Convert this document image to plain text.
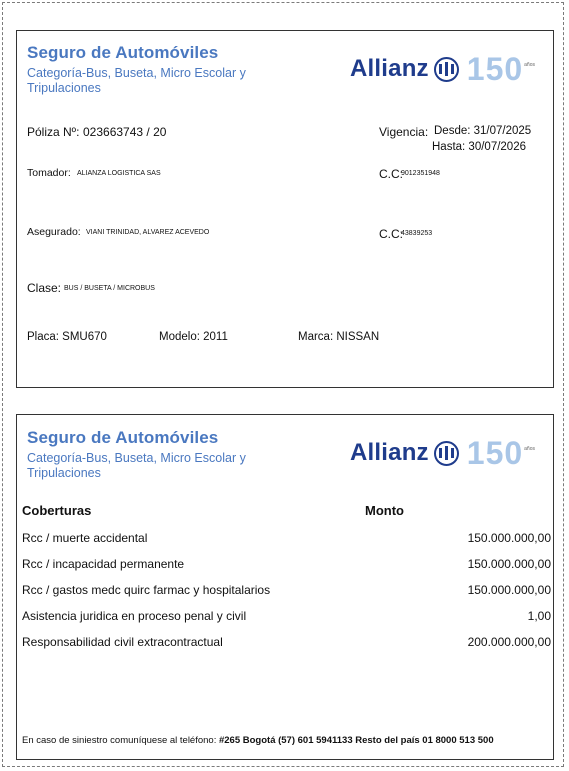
Seguro de Automóviles
Categoría-Bus, Buseta, Micro Escolar y Tripulaciones
Allianz 150 años
Póliza Nº: 023663743 / 20	Vigencia: Desde: 31/07/2025
Hasta: 30/07/2026
Tomador: ALIANZA LOGISTICA SAS	C.C:
9012351948
Asegurado: VIANI TRINIDAD, ALVAREZ ACEVEDO	C.C:
43839253
Clase: BUS / BUSETA / MICROBUS
Placa: SMU670	Modelo: 2011	Marca: NISSAN
Seguro de Automóviles
Categoría-Bus, Buseta, Micro Escolar y Tripulaciones
Allianz 150 años
Coberturas	Monto
Rcc / muerte accidental	150.000.000,00
Rcc / incapacidad permanente	150.000.000,00
Rcc / gastos medc quirc farmac y hospitalarios	150.000.000,00
Asistencia juridica en proceso penal y civil	1,00
Responsabilidad civil extracontractual	200.000.000,00
En caso de siniestro comuníquese al teléfono: #265 Bogotá (57) 601 5941133 Resto del país 01 8000 513 500
